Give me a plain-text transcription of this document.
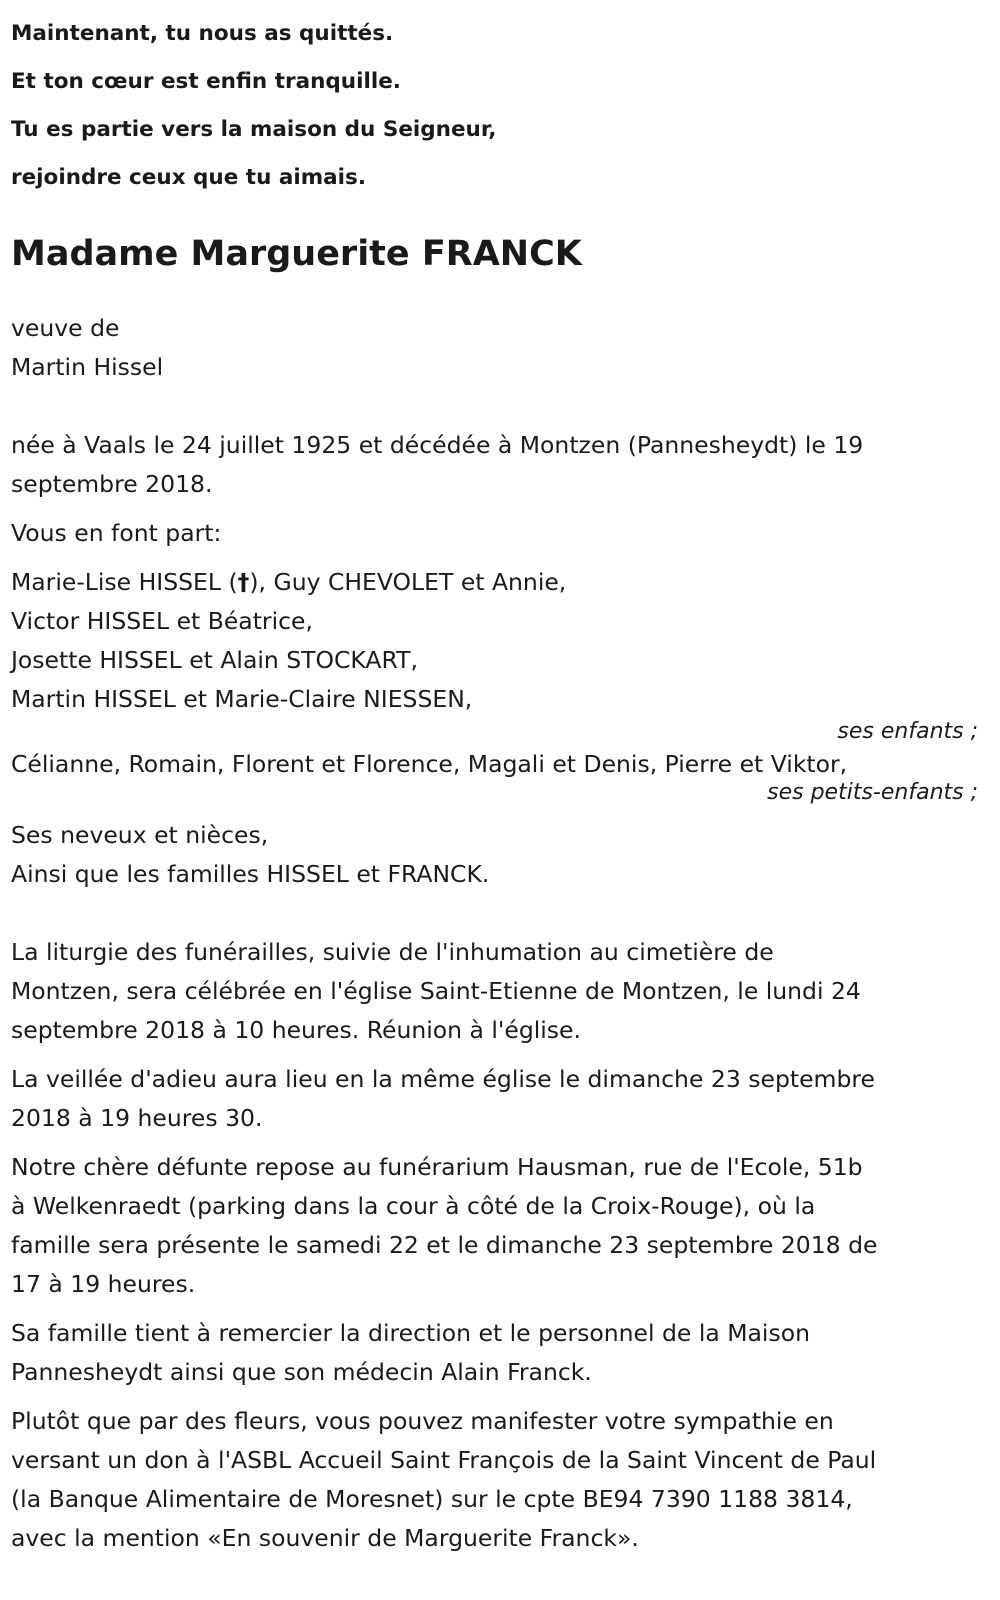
Maintenant, tu nous as quittés.
Et ton cœur est enfin tranquille.
Tu es partie vers la maison du Seigneur,
rejoindre ceux que tu aimais.
Madame Marguerite FRANCK
veuve de
Martin Hissel
née à Vaals le 24 juillet 1925 et décédée à Montzen (Pannesheydt) le 19
septembre 2018.
Vous en font part:
Marie-Lise HISSEL (†), Guy CHEVOLET et Annie,
Victor HISSEL et Béatrice,
Josette HISSEL et Alain STOCKART,
Martin HISSEL et Marie-Claire NIESSEN,
ses enfants ;
Célianne, Romain, Florent et Florence, Magali et Denis, Pierre et Viktor,
ses petits-enfants ;
Ses neveux et nièces,
Ainsi que les familles HISSEL et FRANCK.
La liturgie des funérailles, suivie de l'inhumation au cimetière de
Montzen, sera célébrée en l'église Saint-Etienne de Montzen, le lundi 24
septembre 2018 à 10 heures. Réunion à l'église.
La veillée d'adieu aura lieu en la même église le dimanche 23 septembre
2018 à 19 heures 30.
Notre chère défunte repose au funérarium Hausman, rue de l'Ecole, 51b
à Welkenraedt (parking dans la cour à côté de la Croix-Rouge), où la
famille sera présente le samedi 22 et le dimanche 23 septembre 2018 de
17 à 19 heures.
Sa famille tient à remercier la direction et le personnel de la Maison
Pannesheydt ainsi que son médecin Alain Franck.
Plutôt que par des fleurs, vous pouvez manifester votre sympathie en
versant un don à l'ASBL Accueil Saint François de la Saint Vincent de Paul
(la Banque Alimentaire de Moresnet) sur le cpte BE94 7390 1188 3814,
avec la mention «En souvenir de Marguerite Franck».
